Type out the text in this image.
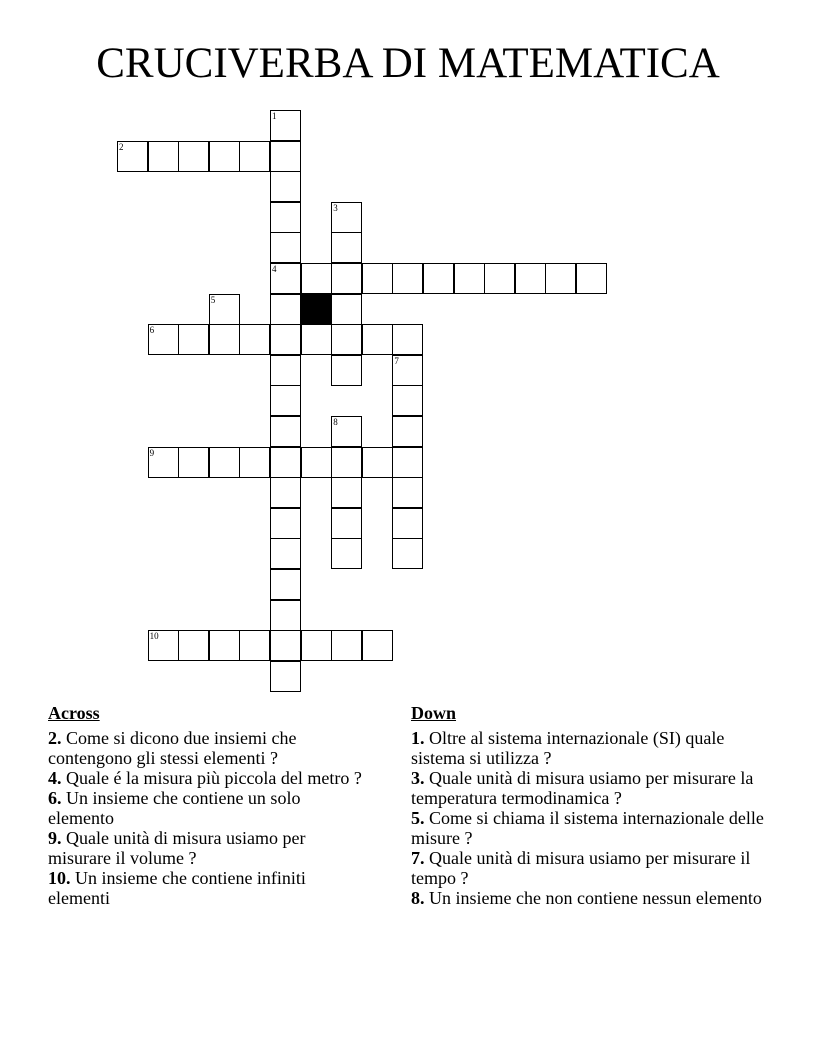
CRUCIVERBA DI MATEMATICA
1
2
3
4
5
6
7
8
9
10
Across
2. Come si dicono due insiemi che contengono gli stessi elementi ?
4. Quale é la misura più piccola del metro ?
6. Un insieme che contiene un solo elemento
9. Quale unità di misura usiamo per misurare il volume ?
10. Un insieme che contiene infiniti elementi
Down
1. Oltre al sistema internazionale (SI) quale sistema si utilizza ?
3. Quale unità di misura usiamo per misurare la temperatura termodinamica ?
5. Come si chiama il sistema internazionale delle misure ?
7. Quale unità di misura usiamo per misurare il tempo ?
8. Un insieme che non contiene nessun elemento
